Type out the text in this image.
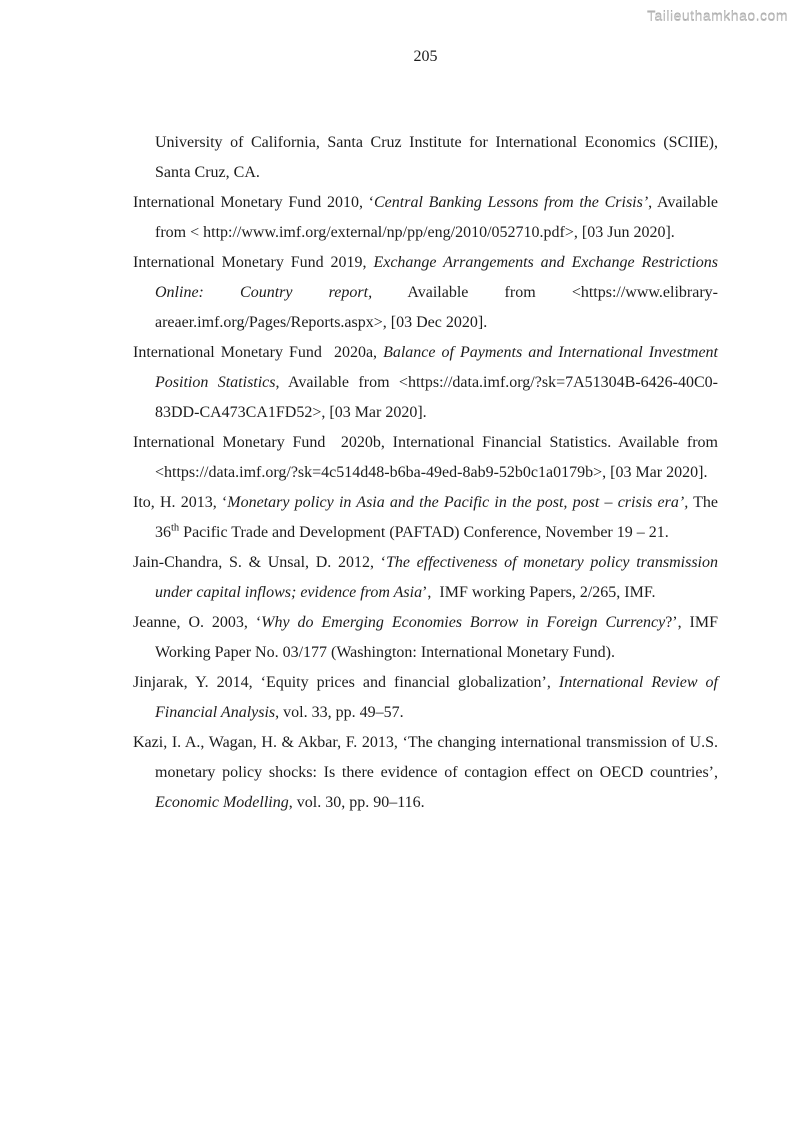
Tailieuthamkhao.com
205

University of California, Santa Cruz Institute for International Economics (SCIIE), Santa Cruz, CA.

International Monetary Fund 2010, ‘Central Banking Lessons from the Crisis’, Available from < http://www.imf.org/external/np/pp/eng/2010/052710.pdf>, [03 Jun 2020].

International Monetary Fund 2019, Exchange Arrangements and Exchange Restrictions Online: Country report, Available from <https://www.elibrary-areaer.imf.org/Pages/Reports.aspx>, [03 Dec 2020].

International Monetary Fund  2020a, Balance of Payments and International Investment Position Statistics, Available from <https://data.imf.org/?sk=7A51304B-6426-40C0-83DD-CA473CA1FD52>, [03 Mar 2020].

International Monetary Fund  2020b, International Financial Statistics. Available from <https://data.imf.org/?sk=4c514d48-b6ba-49ed-8ab9-52b0c1a0179b>, [03 Mar 2020].

Ito, H. 2013, ‘Monetary policy in Asia and the Pacific in the post, post – crisis era’, The 36th Pacific Trade and Development (PAFTAD) Conference, November 19 – 21.

Jain-Chandra, S. & Unsal, D. 2012, ‘The effectiveness of monetary policy transmission under capital inflows; evidence from Asia’,  IMF working Papers, 2/265, IMF.

Jeanne, O. 2003, ‘Why do Emerging Economies Borrow in Foreign Currency?’, IMF Working Paper No. 03/177 (Washington: International Monetary Fund).

Jinjarak, Y. 2014, ‘Equity prices and financial globalization’, International Review of Financial Analysis, vol. 33, pp. 49–57.

Kazi, I. A., Wagan, H. & Akbar, F. 2013, ‘The changing international transmission of U.S. monetary policy shocks: Is there evidence of contagion effect on OECD countries’, Economic Modelling, vol. 30, pp. 90–116.
